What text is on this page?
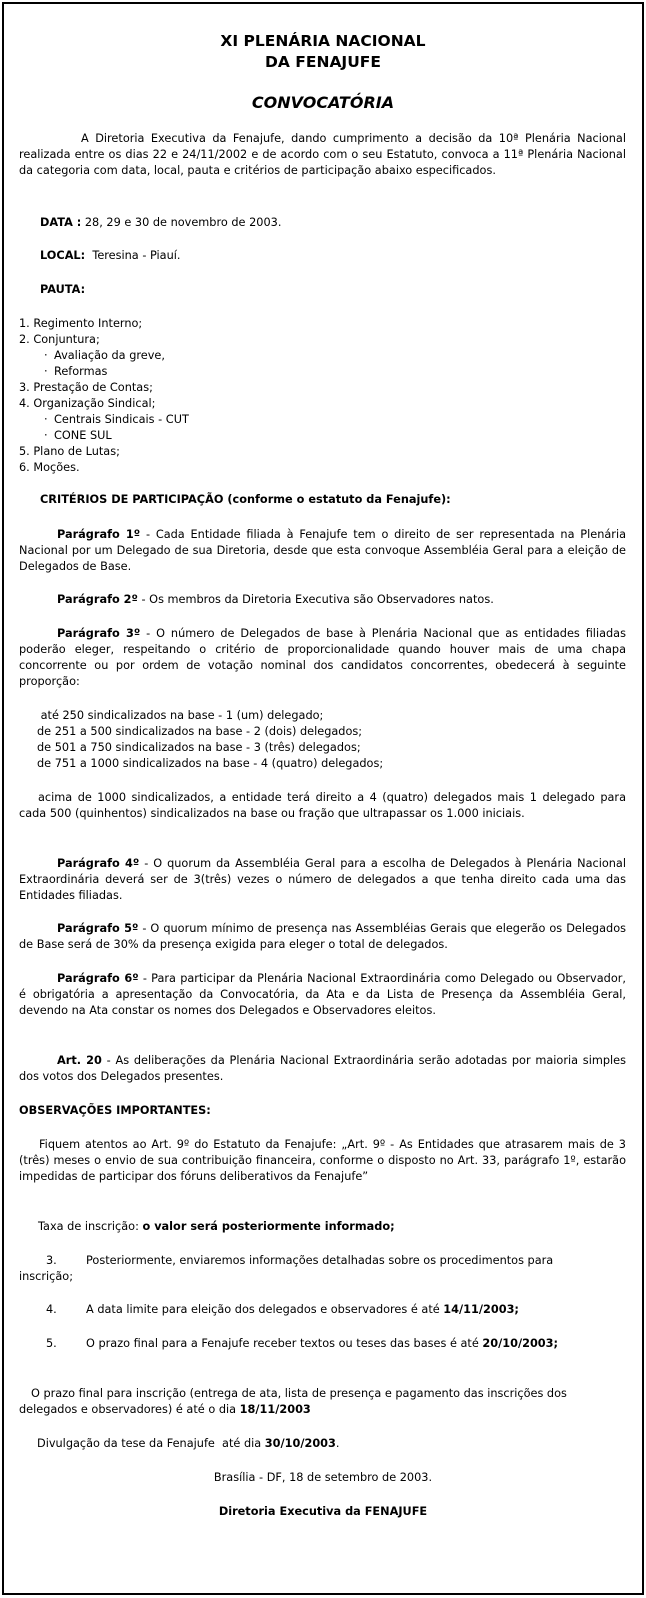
XI PLENÁRIA NACIONAL
DA FENAJUFE
CONVOCATÓRIA
A Diretoria Executiva da Fenajufe, dando cumprimento a decisão da 10ª Plenária Nacional realizada entre os dias 22 e 24/11/2002 e de acordo com o seu Estatuto, convoca a 11ª Plenária Nacional da categoria com data, local, pauta e critérios de participação abaixo especificados.
DATA : 28, 29 e 30 de novembro de 2003.
LOCAL:  Teresina - Piauí.
PAUTA:
1. Regimento Interno;
2. Conjuntura;
· Avaliação da greve,
· Reformas
3. Prestação de Contas;
4. Organização Sindical;
· Centrais Sindicais - CUT
· CONE SUL
5. Plano de Lutas;
6. Moções.
CRITÉRIOS DE PARTICIPAÇÃO (conforme o estatuto da Fenajufe):
Parágrafo 1º - Cada Entidade filiada à Fenajufe tem o direito de ser representada na Plenária Nacional por um Delegado de sua Diretoria, desde que esta convoque Assembléia Geral para a eleição de Delegados de Base.
Parágrafo 2º - Os membros da Diretoria Executiva são Observadores natos.
Parágrafo 3º - O número de Delegados de base à Plenária Nacional que as entidades filiadas poderão eleger, respeitando o critério de proporcionalidade quando houver mais de uma chapa concorrente ou por ordem de votação nominal dos candidatos concorrentes, obedecerá à seguinte proporção:
até 250 sindicalizados na base - 1 (um) delegado;
de 251 a 500 sindicalizados na base - 2 (dois) delegados;
de 501 a 750 sindicalizados na base - 3 (três) delegados;
de 751 a 1000 sindicalizados na base - 4 (quatro) delegados;
acima de 1000 sindicalizados, a entidade terá direito a 4 (quatro) delegados mais 1 delegado para cada 500 (quinhentos) sindicalizados na base ou fração que ultrapassar os 1.000 iniciais.
Parágrafo 4º - O quorum da Assembléia Geral para a escolha de Delegados à Plenária Nacional Extraordinária deverá ser de 3(três) vezes o número de delegados a que tenha direito cada uma das Entidades filiadas.
Parágrafo 5º - O quorum mínimo de presença nas Assembléias Gerais que elegerão os Delegados de Base será de 30% da presença exigida para eleger o total de delegados.
Parágrafo 6º - Para participar da Plenária Nacional Extraordinária como Delegado ou Observador, é obrigatória a apresentação da Convocatória, da Ata e da Lista de Presença da Assembléia Geral, devendo na Ata constar os nomes dos Delegados e Observadores eleitos.
Art. 20 - As deliberações da Plenária Nacional Extraordinária serão adotadas por maioria simples dos votos dos Delegados presentes.
OBSERVAÇÕES IMPORTANTES:
Fiquem atentos ao Art. 9º do Estatuto da Fenajufe: „Art. 9º - As Entidades que atrasarem mais de 3 (três) meses o envio de sua contribuição financeira, conforme o disposto no Art. 33, parágrafo 1º, estarão impedidas de participar dos fóruns deliberativos da Fenajufe”
Taxa de inscrição: o valor será posteriormente informado;
3.	Posteriormente, enviaremos informações detalhadas sobre os procedimentos para inscrição;
4.	A data limite para eleição dos delegados e observadores é até 14/11/2003;
5.	O prazo final para a Fenajufe receber textos ou teses das bases é até 20/10/2003;
O prazo final para inscrição (entrega de ata, lista de presença e pagamento das inscrições dos delegados e observadores) é até o dia 18/11/2003
Divulgação da tese da Fenajufe  até dia 30/10/2003.
Brasília - DF, 18 de setembro de 2003.
Diretoria Executiva da FENAJUFE
